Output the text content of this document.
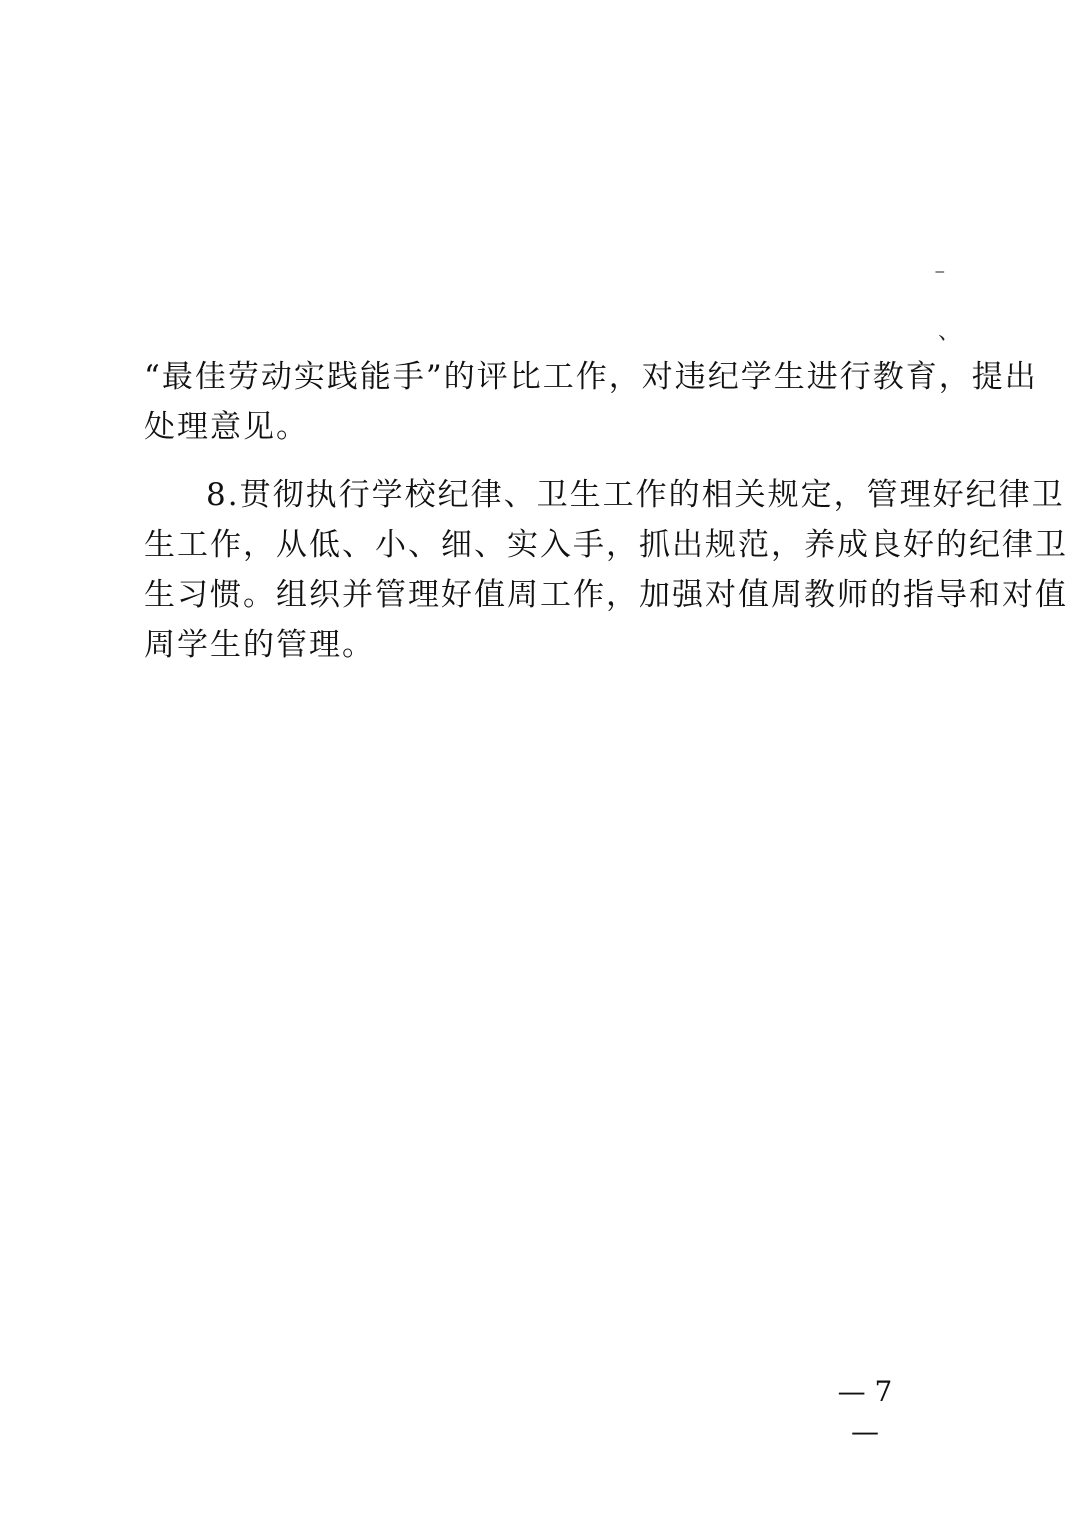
⁻
、
“最佳劳动实践能手”的评比工作，对违纪学生进行教育，提出
处理意见。
8.贯彻执行学校纪律、卫生工作的相关规定，管理好纪律卫
生工作，从低、小、细、实入手，抓出规范，养成良好的纪律卫
生习惯。组织并管理好值周工作，加强对值周教师的指导和对值
周学生的管理。
— 7 —
